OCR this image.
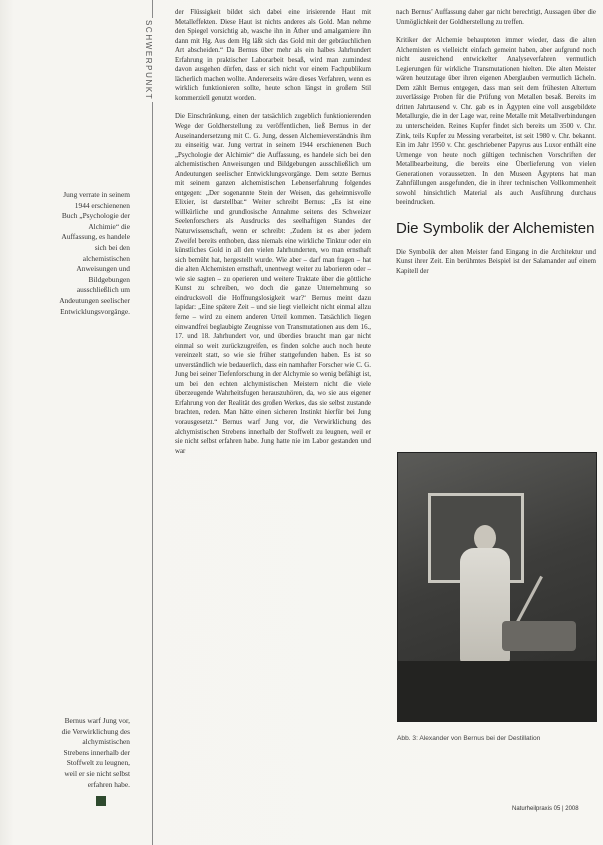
SCHWERPUNKT
Jung verrate in seinem 1944 erschienenen Buch „Psychologie der Alchimie“ die Auffassung, es handele sich bei den alchemistischen Anweisungen und Bildgebungen ausschließlich um Andeutungen seelischer Entwicklungsvorgänge.
Bernus warf Jung vor, die Verwirklichung des alchymistischen Strebens innerhalb der Stoffwelt zu leugnen, weil er sie nicht selbst erfahren habe.

der Flüssigkeit bildet sich dabei eine irisierende Haut mit Metalleffekten. Diese Haut ist nichts anderes als Gold. Man nehme den Spiegel vorsichtig ab, wasche ihn in Äther und amalgamiere ihn dann mit Hg. Aus dem Hg läßt sich das Gold mit der gebräuchlichen Art abscheiden.“ Da Bernus über mehr als ein halbes Jahrhundert Erfahrung in praktischer Laborarbeit besaß, wird man zumindest davon ausgehen dürfen, dass er sich nicht vor einem Fachpublikum lächerlich machen wollte. Andererseits wäre dieses Verfahren, wenn es wirklich funktionieren sollte, heute schon längst in großem Stil kommerziell genutzt worden.

Die Einschränkung, einen der tatsächlich zugeblich funktionierenden Wege der Goldherstellung zu veröffentlichen, ließ Bernus in der Auseinandersetzung mit C. G. Jung, dessen Alchemieverständnis ihm zu einseitig war. Jung vertrat in seinem 1944 erschienenen Buch „Psychologie der Alchimie“ die Auffassung, es handele sich bei den alchemistischen Anweisungen und Bildgebungen ausschließlich um Andeutungen seelischer Entwicklungsvorgänge. Dem setzte Bernus mit seinem ganzen alchemistischen Lebenserfahrung folgendes entgegen: „Der sogenannte Stein der Weisen, das geheimnisvolle Elixier, ist darstellbar.“ Weiter schreibt Bernus: „Es ist eine willkürliche und grundlosische Annahme seitens des Schweizer Seelenforschers als Ausdrucks des seelhaftigen Standes der Naturwissenschaft, wenn er schreibt: ‚Zudem ist es aber jedem Zweifel bereits enthoben, dass niemals eine wirkliche Tinktur oder ein künstliches Gold in all den vielen Jahrhunderten, wo man ernsthaft sich bemüht hat, hergestellt wurde. Wie aber – darf man fragen – hat die alten Alchemisten ernsthaft, unentwegt weiter zu laborieren oder – wie sie sagten – zu operieren und weitere Traktate über die göttliche Kunst zu schreiben, wo doch die ganze Unternehmung so eindrucksvoll die Hoffnungslosigkeit war?‘ Bernus meint dazu lapidar: „Eine spätere Zeit – und sie liegt vielleicht nicht einmal allzu ferne – wird zu einem anderen Urteil kommen. Tatsächlich liegen einwandfrei beglaubigte Zeugnisse von Transmutationen aus dem 16., 17. und 18. Jahrhundert vor, und überdies braucht man gar nicht einmal so weit zurückzugreifen, es finden solche auch noch heute vereinzelt statt, so wie sie früher stattgefunden haben. Es ist so unverständlich wie bedauerlich, dass ein namhafter Forscher wie C. G. Jung bei seiner Tiefenforschung in der Alchymie so wenig befähigt ist, um bei den echten alchymistischen Meistern nicht die viele überzeugende Wahrheitsfugen herauszuhören, da, wo sie aus eigener Erfahrung von der Realität des großen Werkes, das sie selbst zustande brachten, reden. Man hätte einen sicheren Instinkt hierfür bei Jung vorausgesetzt.“ Bernus warf Jung vor, die Verwirklichung des alchymistischen Strebens innerhalb der Stoffwelt zu leugnen, weil er sie nicht selbst erfahren habe. Jung hatte nie im Labor gestanden und war

nach Bernus’ Auffassung daher gar nicht berechtigt, Aussagen über die Unmöglichkeit der Goldherstellung zu treffen.

Kritiker der Alchemie behaupteten immer wieder, dass die alten Alchemisten es vielleicht einfach gemeint haben, aber aufgrund noch nicht ausreichend entwickelter Analyseverfahren vermutlich Legierungen für wirkliche Transmutationen hielten. Die alten Meister wären heutzutage über ihren eigenen Aberglauben vermutlich lächeln. Dem zählt Bernus entgegen, dass man seit dem frühesten Altertum zuverlässige Proben für die Prüfung von Metallen besaß. Bereits im dritten Jahrtausend v. Chr. gab es in Ägypten eine voll ausgebildete Metallurgie, die in der Lage war, reine Metalle mit Metallverbindungen zu unterscheiden. Reines Kupfer findet sich bereits um 3500 v. Chr. Zink, teils Kupfer zu Messing verarbeitet, ist seit 1980 v. Chr. bekannt. Ein im Jahr 1950 v. Chr. geschriebener Papyrus aus Luxor enthält eine Urmenge von heute noch gültigen technischen Vorschriften der Metallbearbeitung, die bereits eine Überlieferung von vielen Generationen voraussetzen. In den Museen Ägyptens hat man Zahnfüllungen ausgefunden, die in ihrer technischen Vollkommenheit sowohl hinsichtlich Material als auch Ausführung durchaus beeindrucken.

Die Symbolik der Alchemisten

Die Symbolik der alten Meister fand Eingang in die Architektur und Kunst ihrer Zeit. Ein berühmtes Beispiel ist der Salamander auf einem Kapitell der

Abb. 3: Alexander von Bernus bei der Destillation
Naturheilpraxis 05 | 2008
